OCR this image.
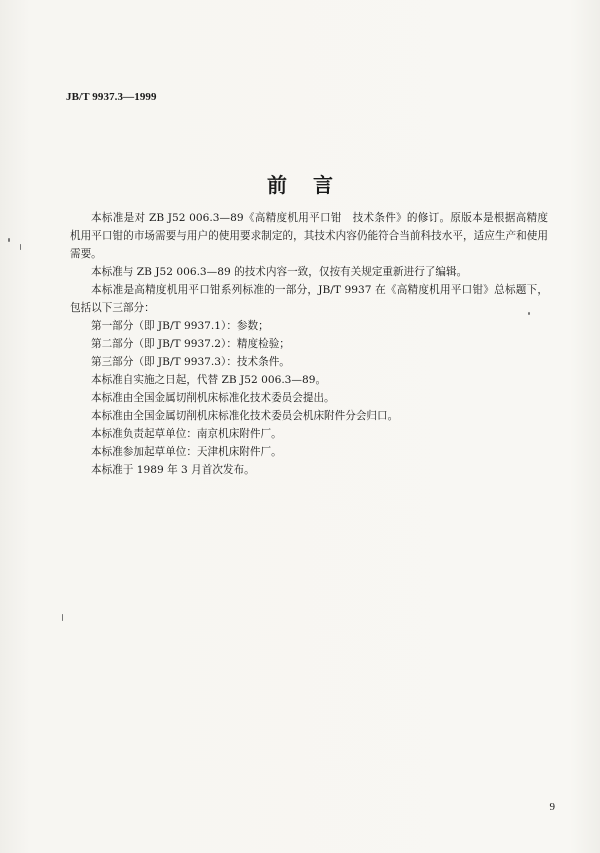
JB/T 9937.3—1999
前言

本标准是对 ZB J52 006.3—89《高精度机用平口钳　技术条件》的修订。原版本是根据高精度机用平口钳的市场需要与用户的使用要求制定的，其技术内容仍能符合当前科技水平，适应生产和使用需要。

本标准与 ZB J52 006.3—89 的技术内容一致，仅按有关规定重新进行了编辑。

本标准是高精度机用平口钳系列标准的一部分，JB/T 9937 在《高精度机用平口钳》总标题下，包括以下三部分：

第一部分（即 JB/T 9937.1）：参数；

第二部分（即 JB/T 9937.2）：精度检验；

第三部分（即 JB/T 9937.3）：技术条件。

本标准自实施之日起，代替 ZB J52 006.3—89。

本标准由全国金属切削机床标准化技术委员会提出。

本标准由全国金属切削机床标准化技术委员会机床附件分会归口。

本标准负责起草单位：南京机床附件厂。

本标准参加起草单位：天津机床附件厂。

本标准于 1989 年 3 月首次发布。

9
